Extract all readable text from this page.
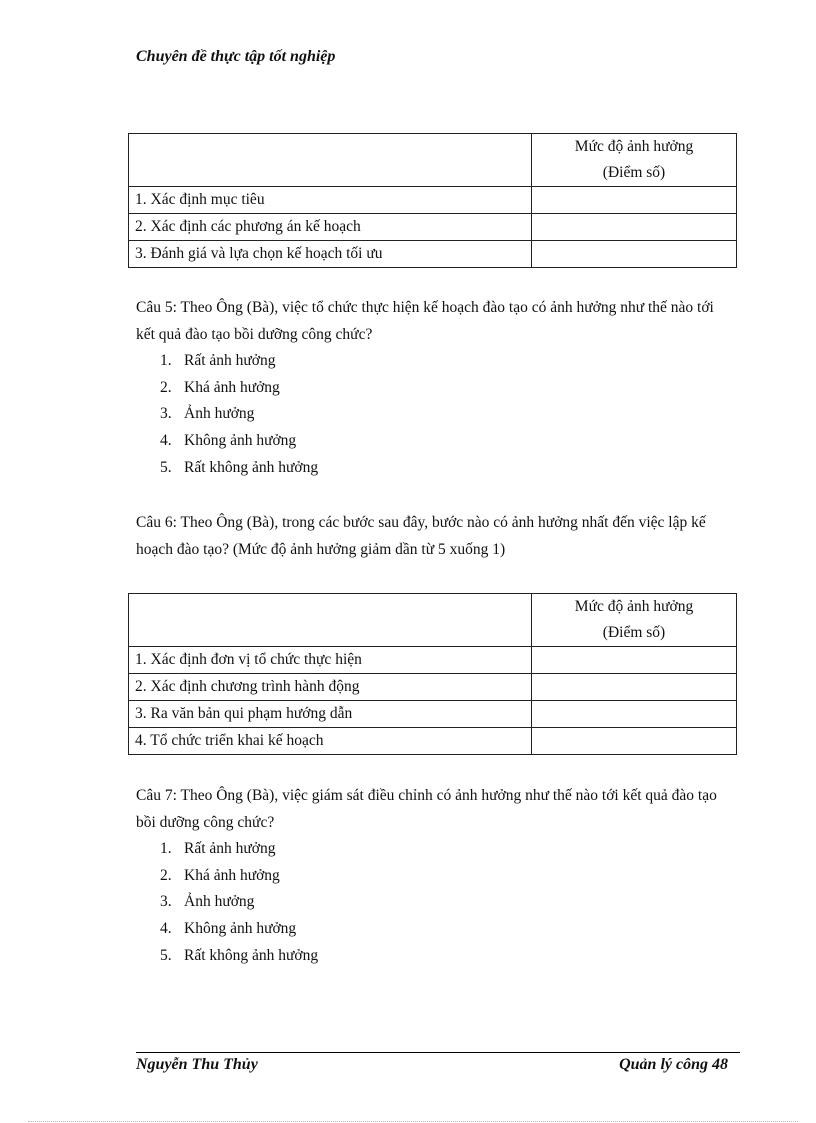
Chuyên đề thực tập tốt nghiệp
	Mức độ ảnh hưởng
(Điểm số)
1. Xác định mục tiêu	
2. Xác định các phương án kế hoạch	
3. Đánh giá và lựa chọn kế hoạch tối ưu	

Câu 5: Theo Ông (Bà), việc tổ chức thực hiện kế hoạch đào tạo có ảnh hưởng như thế nào tới kết quả đào tạo bồi dưỡng công chức?

1. Rất ảnh hưởng
2. Khá ảnh hưởng
3. Ảnh hưởng
4. Không ảnh hưởng
5. Rất không ảnh hưởng

Câu 6: Theo Ông (Bà), trong các bước sau đây, bước nào có ảnh hưởng nhất đến việc lập kế hoạch đào tạo? (Mức độ ảnh hưởng giảm dần từ 5 xuống 1)

	Mức độ ảnh hưởng
(Điểm số)
1. Xác định đơn vị tổ chức thực hiện	
2. Xác định chương trình hành động	
3. Ra văn bản qui phạm hướng dẫn	
4. Tổ chức triển khai kế hoạch	

Câu 7: Theo Ông (Bà), việc giám sát điều chỉnh có ảnh hưởng như thế nào tới kết quả đào tạo bồi dưỡng công chức?

1. Rất ảnh hưởng
2. Khá ảnh hưởng
3. Ảnh hưởng
4. Không ảnh hưởng
5. Rất không ảnh hưởng
Nguyễn Thu Thủy	Quản lý công 48
